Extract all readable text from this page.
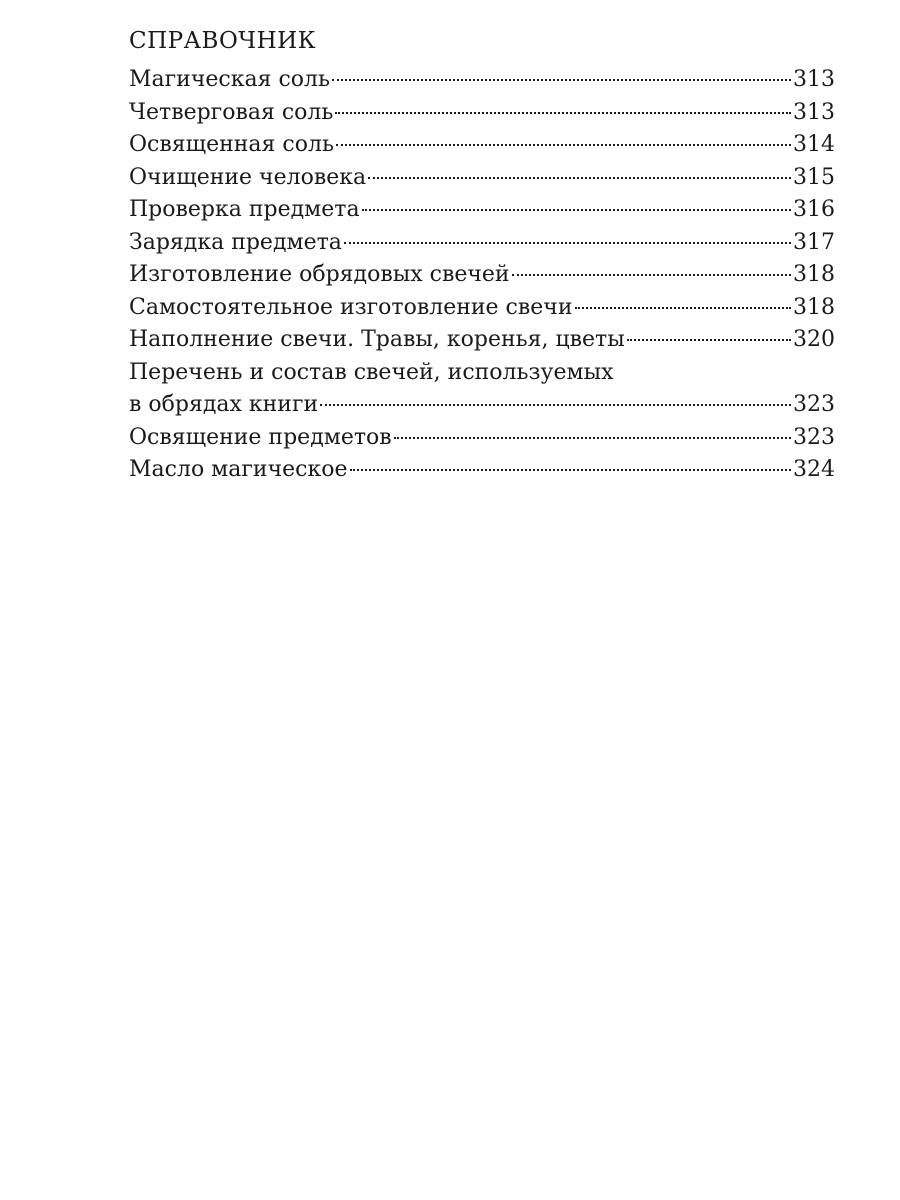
СПРАВОЧНИК
Магическая соль	313
Четверговая соль	313
Освященная соль	314
Очищение человека	315
Проверка предмета	316
Зарядка предмета	317
Изготовление обрядовых свечей	318
Самостоятельное изготовление свечи	318
Наполнение свечи. Травы, коренья, цветы	320
Перечень и состав свечей, используемых
в обрядах книги	323
Освящение предметов	323
Масло магическое	324
